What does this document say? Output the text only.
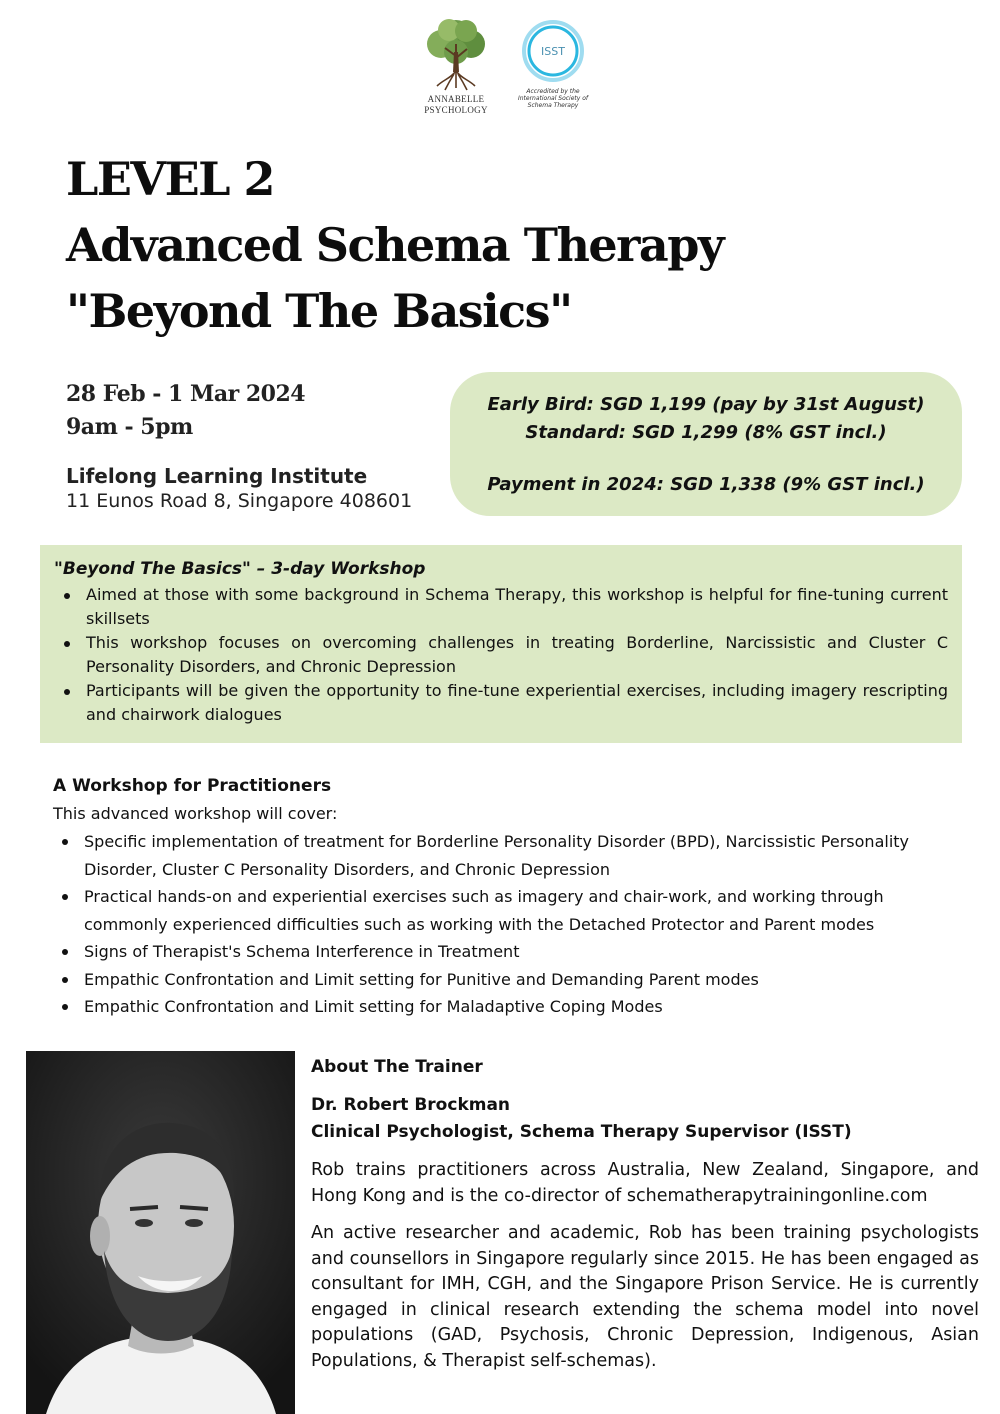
ANNABELLE
PSYCHOLOGY
ISST
Accredited by the
International Society of
Schema Therapy
LEVEL 2
Advanced Schema Therapy
"Beyond The Basics"
28 Feb - 1 Mar 2024
9am - 5pm
Lifelong Learning Institute
11 Eunos Road 8, Singapore 408601
Early Bird: SGD 1,199 (pay by 31st August)
Standard: SGD 1,299 (8% GST incl.)
Payment in 2024: SGD 1,338 (9% GST incl.)
"Beyond The Basics" – 3-day Workshop
Aimed at those with some background in Schema Therapy, this workshop is helpful for fine-tuning current skillsets
This workshop focuses on overcoming challenges in treating Borderline, Narcissistic and Cluster C Personality Disorders, and Chronic Depression
Participants will be given the opportunity to fine-tune experiential exercises, including imagery rescripting and chairwork dialogues
A Workshop for Practitioners
This advanced workshop will cover:
Specific implementation of treatment for Borderline Personality Disorder (BPD), Narcissistic Personality Disorder, Cluster C Personality Disorders, and Chronic Depression
Practical hands-on and experiential exercises such as imagery and chair-work, and working through commonly experienced difficulties such as working with the Detached Protector and Parent modes
Signs of Therapist's Schema Interference in Treatment
Empathic Confrontation and Limit setting for Punitive and Demanding Parent modes
Empathic Confrontation and Limit setting for Maladaptive Coping Modes
About The Trainer
Dr. Robert Brockman
Clinical Psychologist, Schema Therapy Supervisor (ISST)

Rob trains practitioners across Australia, New Zealand, Singapore, and Hong Kong and is the co-director of schematherapytrainingonline.com

An active researcher and academic, Rob has been training psychologists and counsellors in Singapore regularly since 2015. He has been engaged as consultant for IMH, CGH, and the Singapore Prison Service. He is currently engaged in clinical research extending the schema model into novel populations (GAD, Psychosis, Chronic Depression, Indigenous, Asian Populations, & Therapist self-schemas).
